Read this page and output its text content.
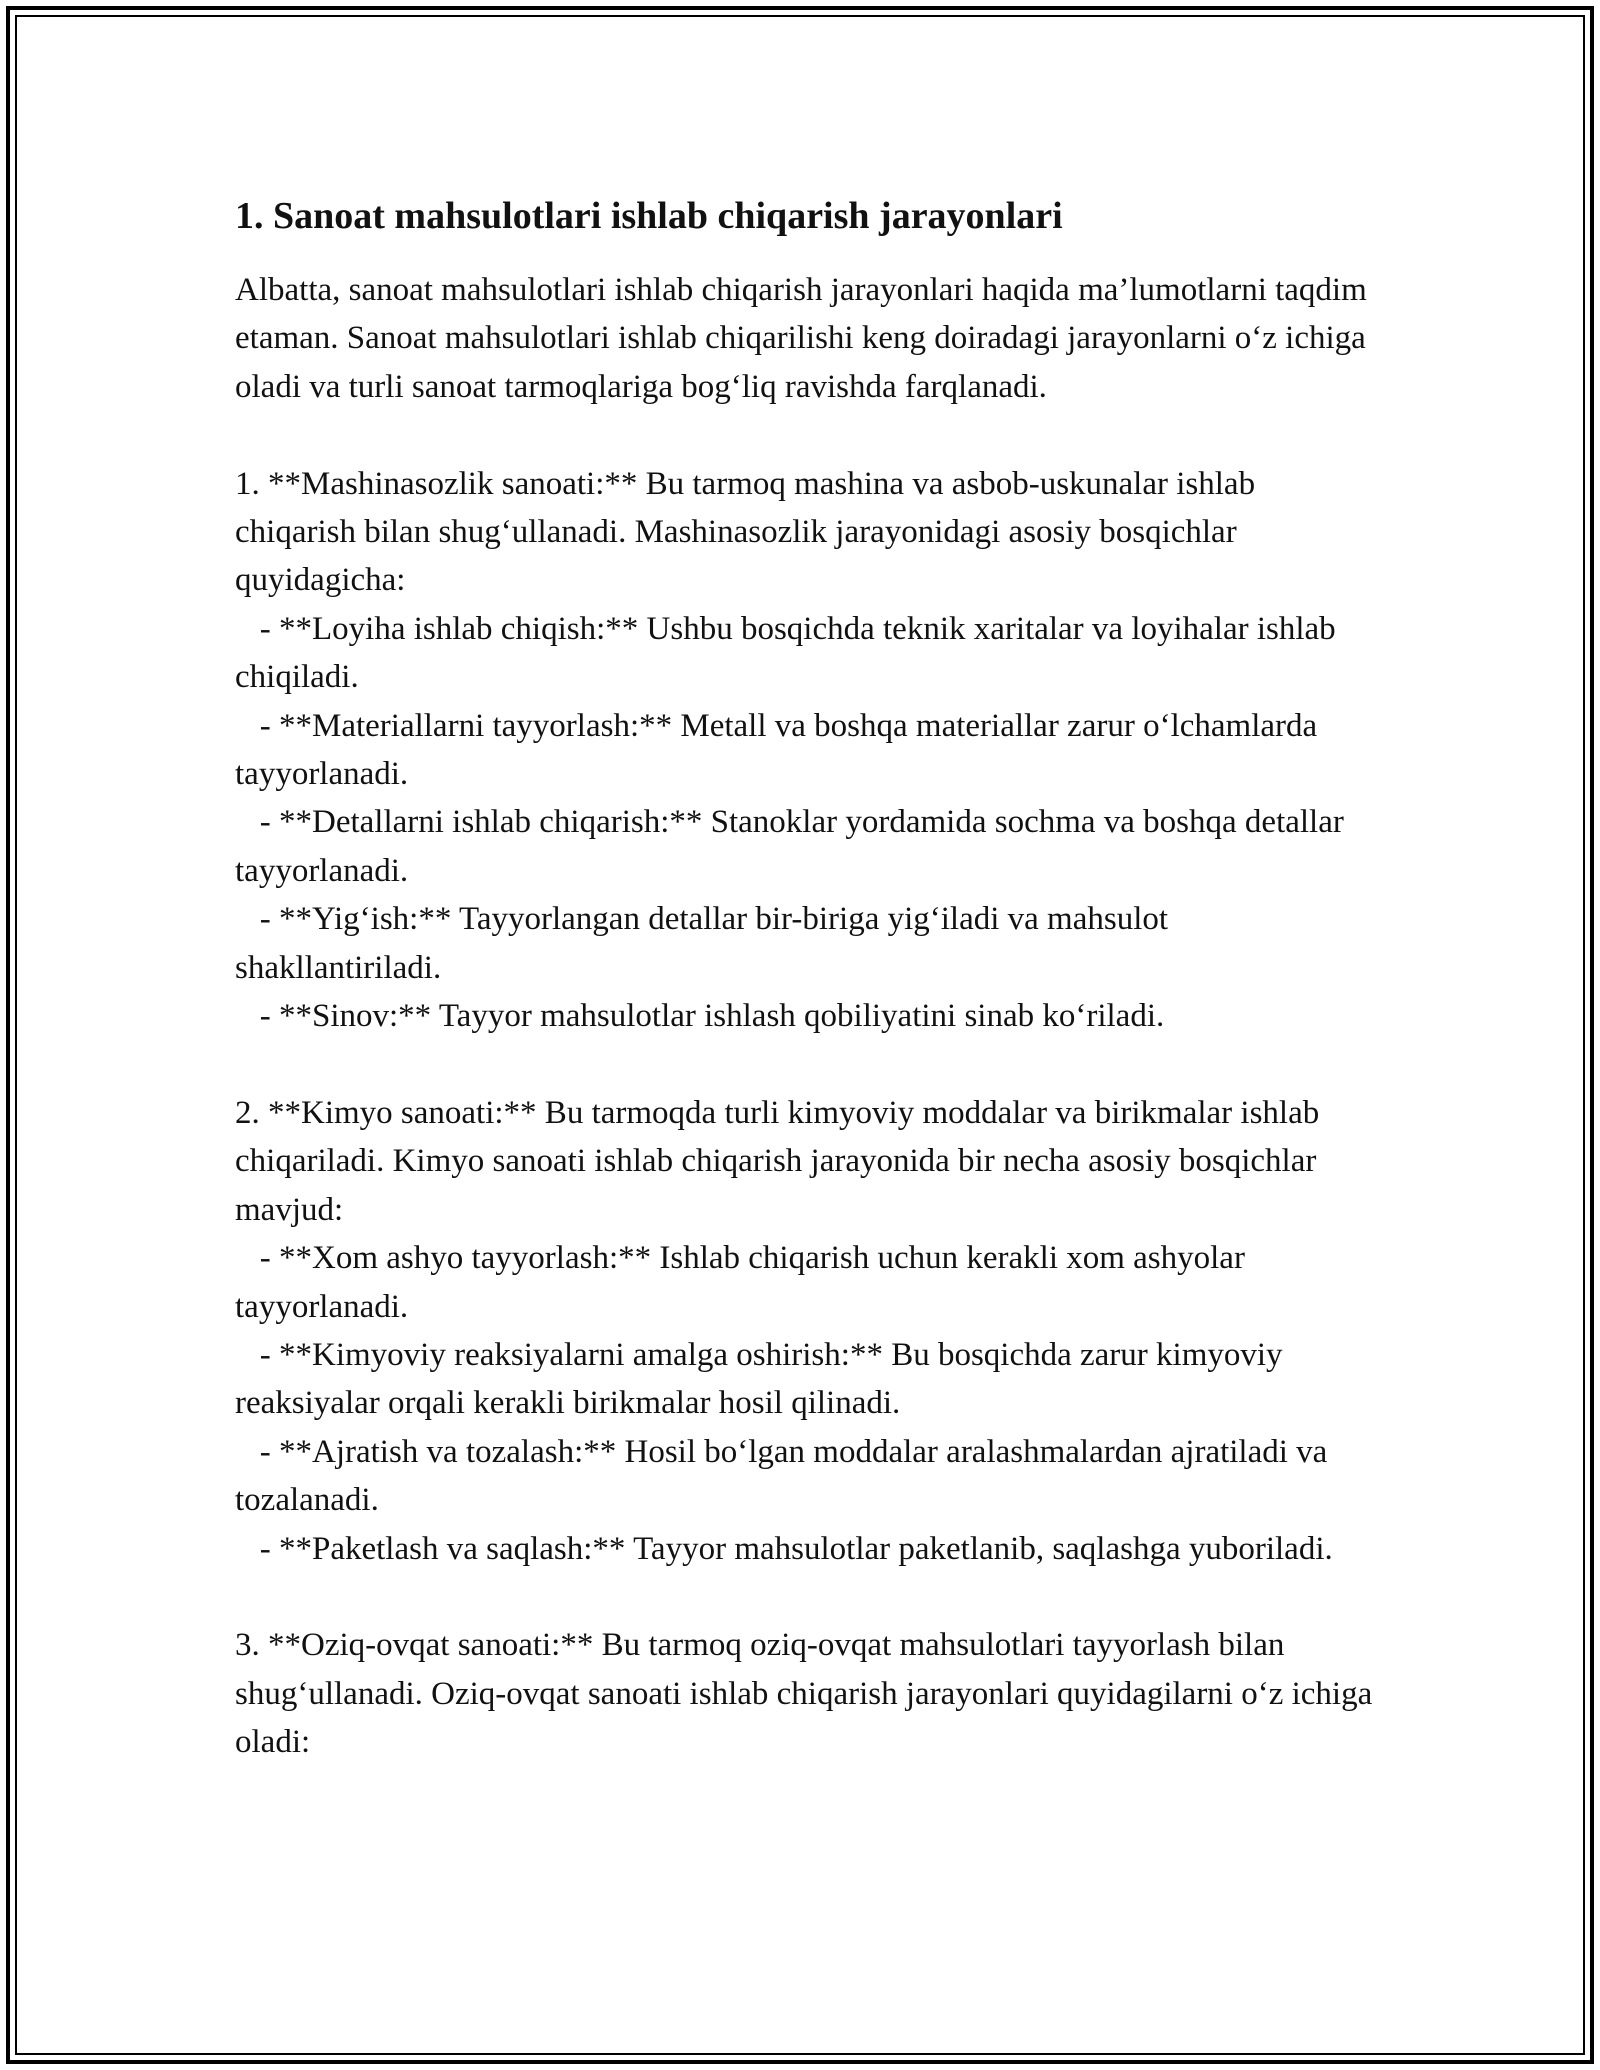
1. Sanoat mahsulotlari ishlab chiqarish jarayonlari

Albatta, sanoat mahsulotlari ishlab chiqarish jarayonlari haqida ma’lumotlarni taqdim etaman. Sanoat mahsulotlari ishlab chiqarilishi keng doiradagi jarayonlarni o‘z ichiga oladi va turli sanoat tarmoqlariga bog‘liq ravishda farqlanadi.

1. **Mashinasozlik sanoati:** Bu tarmoq mashina va asbob-uskunalar ishlab chiqarish bilan shug‘ullanadi. Mashinasozlik jarayonidagi asosiy bosqichlar quyidagicha:

- **Loyiha ishlab chiqish:** Ushbu bosqichda teknik xaritalar va loyihalar ishlab chiqiladi.

- **Materiallarni tayyorlash:** Metall va boshqa materiallar zarur o‘lchamlarda tayyorlanadi.

- **Detallarni ishlab chiqarish:** Stanoklar yordamida sochma va boshqa detallar tayyorlanadi.

- **Yig‘ish:** Tayyorlangan detallar bir-biriga yig‘iladi va mahsulot shakllantiriladi.

- **Sinov:** Tayyor mahsulotlar ishlash qobiliyatini sinab ko‘riladi.

2. **Kimyo sanoati:** Bu tarmoqda turli kimyoviy moddalar va birikmalar ishlab chiqariladi. Kimyo sanoati ishlab chiqarish jarayonida bir necha asosiy bosqichlar mavjud:

- **Xom ashyo tayyorlash:** Ishlab chiqarish uchun kerakli xom ashyolar tayyorlanadi.

- **Kimyoviy reaksiyalarni amalga oshirish:** Bu bosqichda zarur kimyoviy reaksiyalar orqali kerakli birikmalar hosil qilinadi.

- **Ajratish va tozalash:** Hosil bo‘lgan moddalar aralashmalardan ajratiladi va tozalanadi.

- **Paketlash va saqlash:** Tayyor mahsulotlar paketlanib, saqlashga yuboriladi.

3. **Oziq-ovqat sanoati:** Bu tarmoq oziq-ovqat mahsulotlari tayyorlash bilan shug‘ullanadi. Oziq-ovqat sanoati ishlab chiqarish jarayonlari quyidagilarni o‘z ichiga oladi:
